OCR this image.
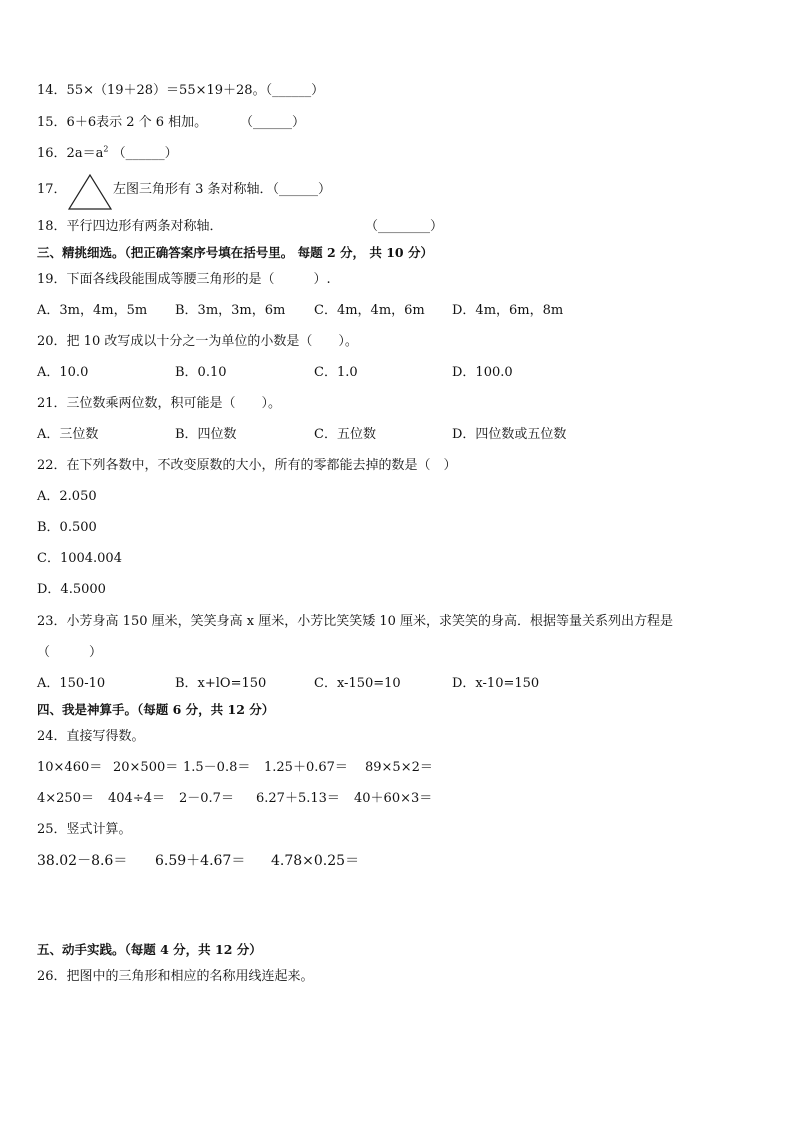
14．55×（19＋28）＝55×19＋28。（______）
15．6＋6表示 2 个 6 相加。	（______）
16．$2a=a^2$ （______）
17．	左图三角形有 3 条对称轴．（______）
18．平行四边形有两条对称轴．	（________）
三、精挑细选。（把正确答案序号填在括号里。 每题 2 分， 共 10 分）
19．下面各线段能围成等腰三角形的是（　　　）.
A．3m，4m，5m B．3m，3m，6m C．4m，4m，6m D．4m，6m，8m
20．把 10 改写成以十分之一为单位的小数是（　　）。
A．10.0	B．0.10	C．1.0	D．100.0
21．三位数乘两位数，积可能是（　　）。
A．三位数	B．四位数	C．五位数	D．四位数或五位数
22．在下列各数中，不改变原数的大小，所有的零都能去掉的数是（　）
A．2.050
B．0.500
C．1004.004
D．4.5000
23．小芳身高 150 厘米，笑笑身高 x 厘米，小芳比笑笑矮 10 厘米，求笑笑的身高．根据等量关系列出方程是
（　　　）
A．150-10	B．x+lO=150	C．x-150=10	D．x-10=150
四、我是神算手。（每题 6 分，共 12 分）
24．直接写得数。
10×460＝ 20×500＝ 1.5－0.8＝ 1.25＋0.67＝ 89×5×2＝
4×250＝ 404÷4＝ 2－0.7＝ 6.27＋5.13＝ 40＋60×3＝
25．竖式计算。
38.02－8.6＝ 6.59＋4.67＝ 4.78×0.25＝
五、动手实践。（每题 4 分，共 12 分）
26．把图中的三角形和相应的名称用线连起来。
